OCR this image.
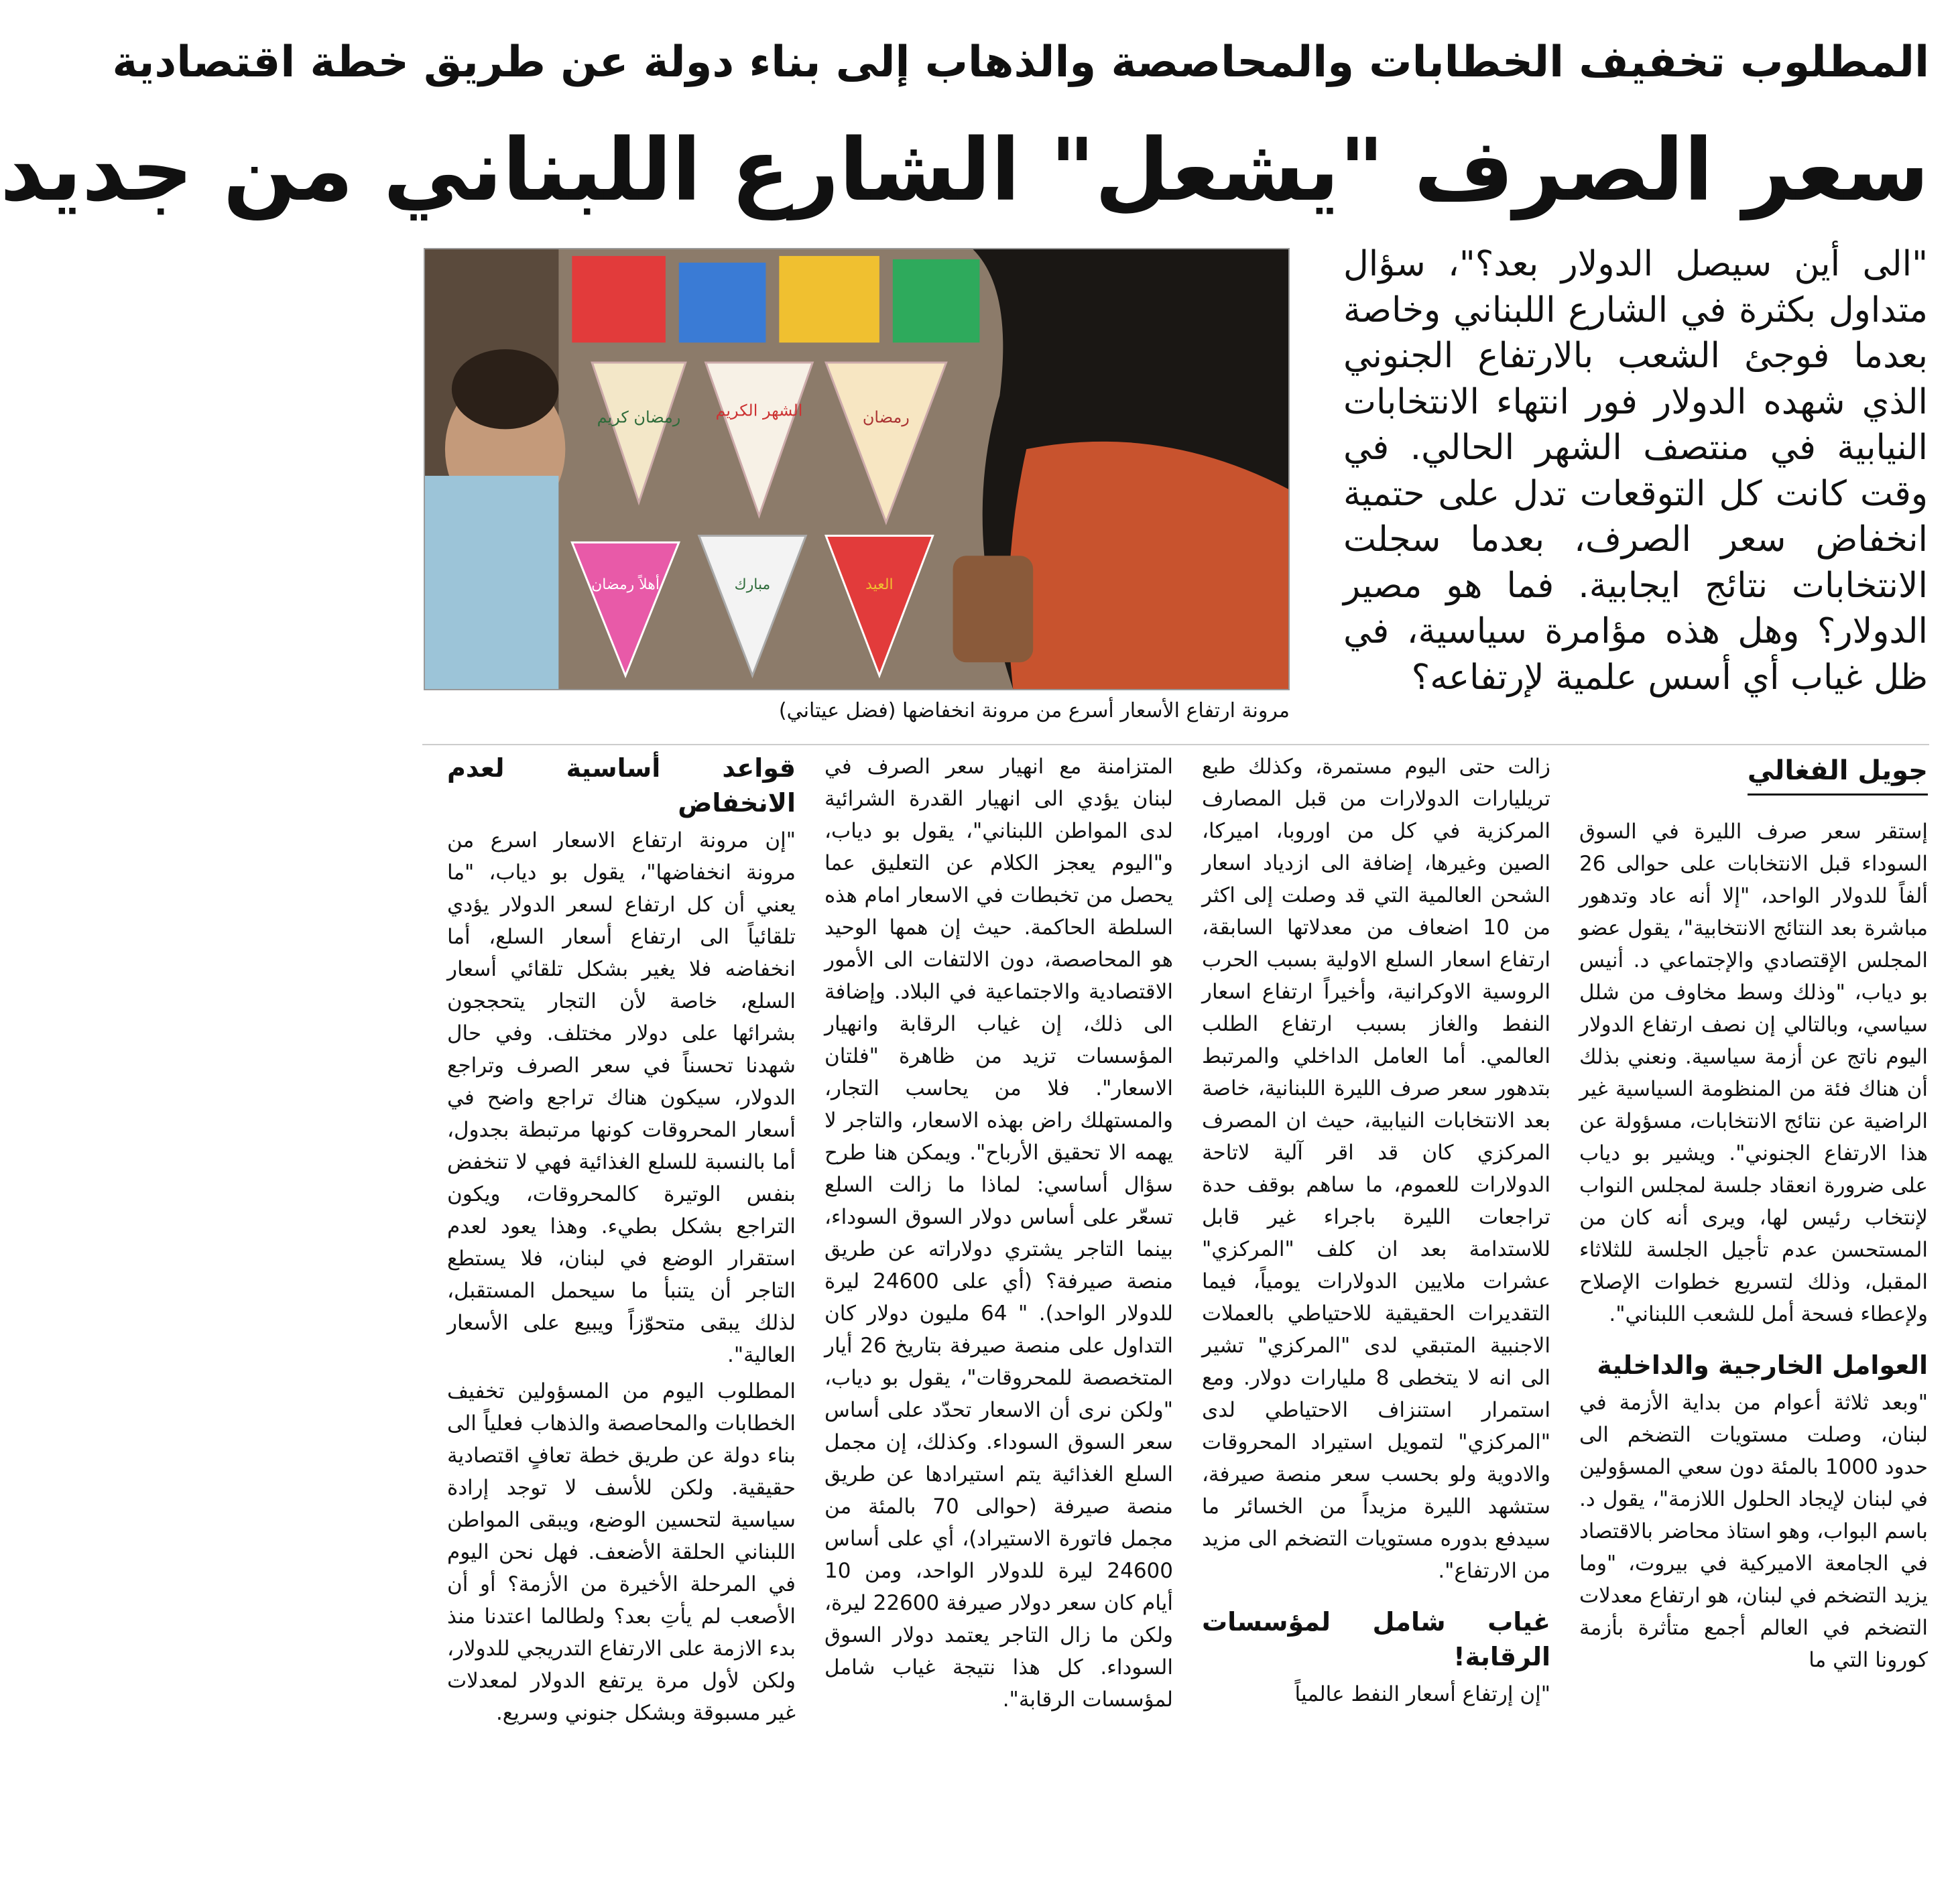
المطلوب تخفيف الخطابات والمحاصصة والذهاب إلى بناء دولة عن طريق خطة اقتصادية
سعر الصرف "يشعل" الشارع اللبناني من جديد
رمضان كريم الشهر الكريم	رمضان
أهلاً رمضان	مبارك	العيد
مرونة ارتفاع الأسعار أسرع من مرونة انخفاضها (فضل عيتاني)
"الى أين سيصل الدولار بعد؟"، سؤال متداول بكثرة في الشارع اللبناني وخاصة بعدما فوجئ الشعب بالارتفاع الجنوني الذي شهده الدولار فور انتهاء الانتخابات النيابية في منتصف الشهر الحالي. في وقت كانت كل التوقعات تدل على حتمية انخفاض سعر الصرف، بعدما سجلت الانتخابات نتائج ايجابية. فما هو مصير الدولار؟ وهل هذه مؤامرة سياسية، في ظل غياب أي أسس علمية لإرتفاعه؟
جويل الفغالي

إستقر سعر صرف الليرة في السوق السوداء قبل الانتخابات على حوالى 26 ألفاً للدولار الواحد، "إلا أنه عاد وتدهور مباشرة بعد النتائج الانتخابية"، يقول عضو المجلس الإقتصادي والإجتماعي د. أنيس بو دياب، "وذلك وسط مخاوف من شلل سياسي، وبالتالي إن نصف ارتفاع الدولار اليوم ناتج عن أزمة سياسية. ونعني بذلك أن هناك فئة من المنظومة السياسية غير الراضية عن نتائج الانتخابات، مسؤولة عن هذا الارتفاع الجنوني". ويشير بو دياب على ضرورة انعقاد جلسة لمجلس النواب لإنتخاب رئيس لها، ويرى أنه كان من المستحسن عدم تأجيل الجلسة للثلاثاء المقبل، وذلك لتسريع خطوات الإصلاح ولإعطاء فسحة أمل للشعب اللبناني".

العوامل الخارجية والداخلية

"وبعد ثلاثة أعوام من بداية الأزمة في لبنان، وصلت مستويات التضخم الى حدود 1000 بالمئة دون سعي المسؤولين في لبنان لإيجاد الحلول اللازمة"، يقول د. باسم البواب، وهو استاذ محاضر بالاقتصاد في الجامعة الاميركية في بيروت، "وما يزيد التضخم في لبنان، هو ارتفاع معدلات التضخم في العالم أجمع متأثرة بأزمة كورونا التي ما

زالت حتى اليوم مستمرة، وكذلك طبع تريليارات الدولارات من قبل المصارف المركزية في كل من اوروبا، اميركا، الصين وغيرها، إضافة الى ازدياد اسعار الشحن العالمية التي قد وصلت إلى اكثر من 10 اضعاف من معدلاتها السابقة، ارتفاع اسعار السلع الاولية بسبب الحرب الروسية الاوكرانية، وأخيراً ارتفاع اسعار النفط والغاز بسبب ارتفاع الطلب العالمي. أما العامل الداخلي والمرتبط بتدهور سعر صرف الليرة اللبنانية، خاصة بعد الانتخابات النيابية، حيث ان المصرف المركزي كان قد اقر آلية لاتاحة الدولارات للعموم، ما ساهم بوقف حدة تراجعات الليرة باجراء غير قابل للاستدامة بعد ان كلف "المركزي" عشرات ملايين الدولارات يومياً، فيما التقديرات الحقيقية للاحتياطي بالعملات الاجنبية المتبقي لدى "المركزي" تشير الى انه لا يتخطى 8 مليارات دولار. ومع استمرار استنزاف الاحتياطي لدى "المركزي" لتمويل استيراد المحروقات والادوية ولو بحسب سعر منصة صيرفة، ستشهد الليرة مزيداً من الخسائر ما سيدفع بدوره مستويات التضخم الى مزيد من الارتفاع".

غياب شامل لمؤسسات الرقابة!

"إن إرتفاع أسعار النفط عالمياً

المتزامنة مع انهيار سعر الصرف في لبنان يؤدي الى انهيار القدرة الشرائية لدى المواطن اللبناني"، يقول بو دياب، و"اليوم يعجز الكلام عن التعليق عما يحصل من تخبطات في الاسعار امام هذه السلطة الحاكمة. حيث إن همها الوحيد هو المحاصصة، دون الالتفات الى الأمور الاقتصادية والاجتماعية في البلاد. وإضافة الى ذلك، إن غياب الرقابة وانهيار المؤسسات تزيد من ظاهرة "فلتان الاسعار". فلا من يحاسب التجار، والمستهلك راض بهذه الاسعار، والتاجر لا يهمه الا تحقيق الأرباح". ويمكن هنا طرح سؤال أساسي: لماذا ما زالت السلع تسعّر على أساس دولار السوق السوداء، بينما التاجر يشتري دولاراته عن طريق منصة صيرفة؟ (أي على 24600 ليرة للدولار الواحد). " 64 مليون دولار كان التداول على منصة صيرفة بتاريخ 26 أيار المتخصصة للمحروقات"، يقول بو دياب، "ولكن نرى أن الاسعار تحدّد على أساس سعر السوق السوداء. وكذلك، إن مجمل السلع الغذائية يتم استيرادها عن طريق منصة صيرفة (حوالى 70 بالمئة من مجمل فاتورة الاستيراد)، أي على أساس 24600 ليرة للدولار الواحد، ومن 10 أيام كان سعر دولار صيرفة 22600 ليرة، ولكن ما زال التاجر يعتمد دولار السوق السوداء. كل هذا نتيجة غياب شامل لمؤسسات الرقابة".

قواعد أساسية لعدم الانخفاض

"إن مرونة ارتفاع الاسعار اسرع من مرونة انخفاضها"، يقول بو دياب، "ما يعني أن كل ارتفاع لسعر الدولار يؤدي تلقائياً الى ارتفاع أسعار السلع، أما انخفاضه فلا يغير بشكل تلقائي أسعار السلع، خاصة لأن التجار يتحججون بشرائها على دولار مختلف. وفي حال شهدنا تحسناً في سعر الصرف وتراجع الدولار، سيكون هناك تراجع واضح في أسعار المحروقات كونها مرتبطة بجدول، أما بالنسبة للسلع الغذائية فهي لا تنخفض بنفس الوتيرة كالمحروقات، ويكون التراجع بشكل بطيء. وهذا يعود لعدم استقرار الوضع في لبنان، فلا يستطع التاجر أن يتنبأ ما سيحمل المستقبل، لذلك يبقى متحوّزاً ويبيع على الأسعار العالية".

المطلوب اليوم من المسؤولين تخفيف الخطابات والمحاصصة والذهاب فعلياً الى بناء دولة عن طريق خطة تعافٍ اقتصادية حقيقية. ولكن للأسف لا توجد إرادة سياسية لتحسين الوضع، ويبقى المواطن اللبناني الحلقة الأضعف. فهل نحن اليوم في المرحلة الأخيرة من الأزمة؟ أو أن الأصعب لم يأتِ بعد؟ ولطالما اعتدنا منذ بدء الازمة على الارتفاع التدريجي للدولار، ولكن لأول مرة يرتفع الدولار لمعدلات غير مسبوقة وبشكل جنوني وسريع.
